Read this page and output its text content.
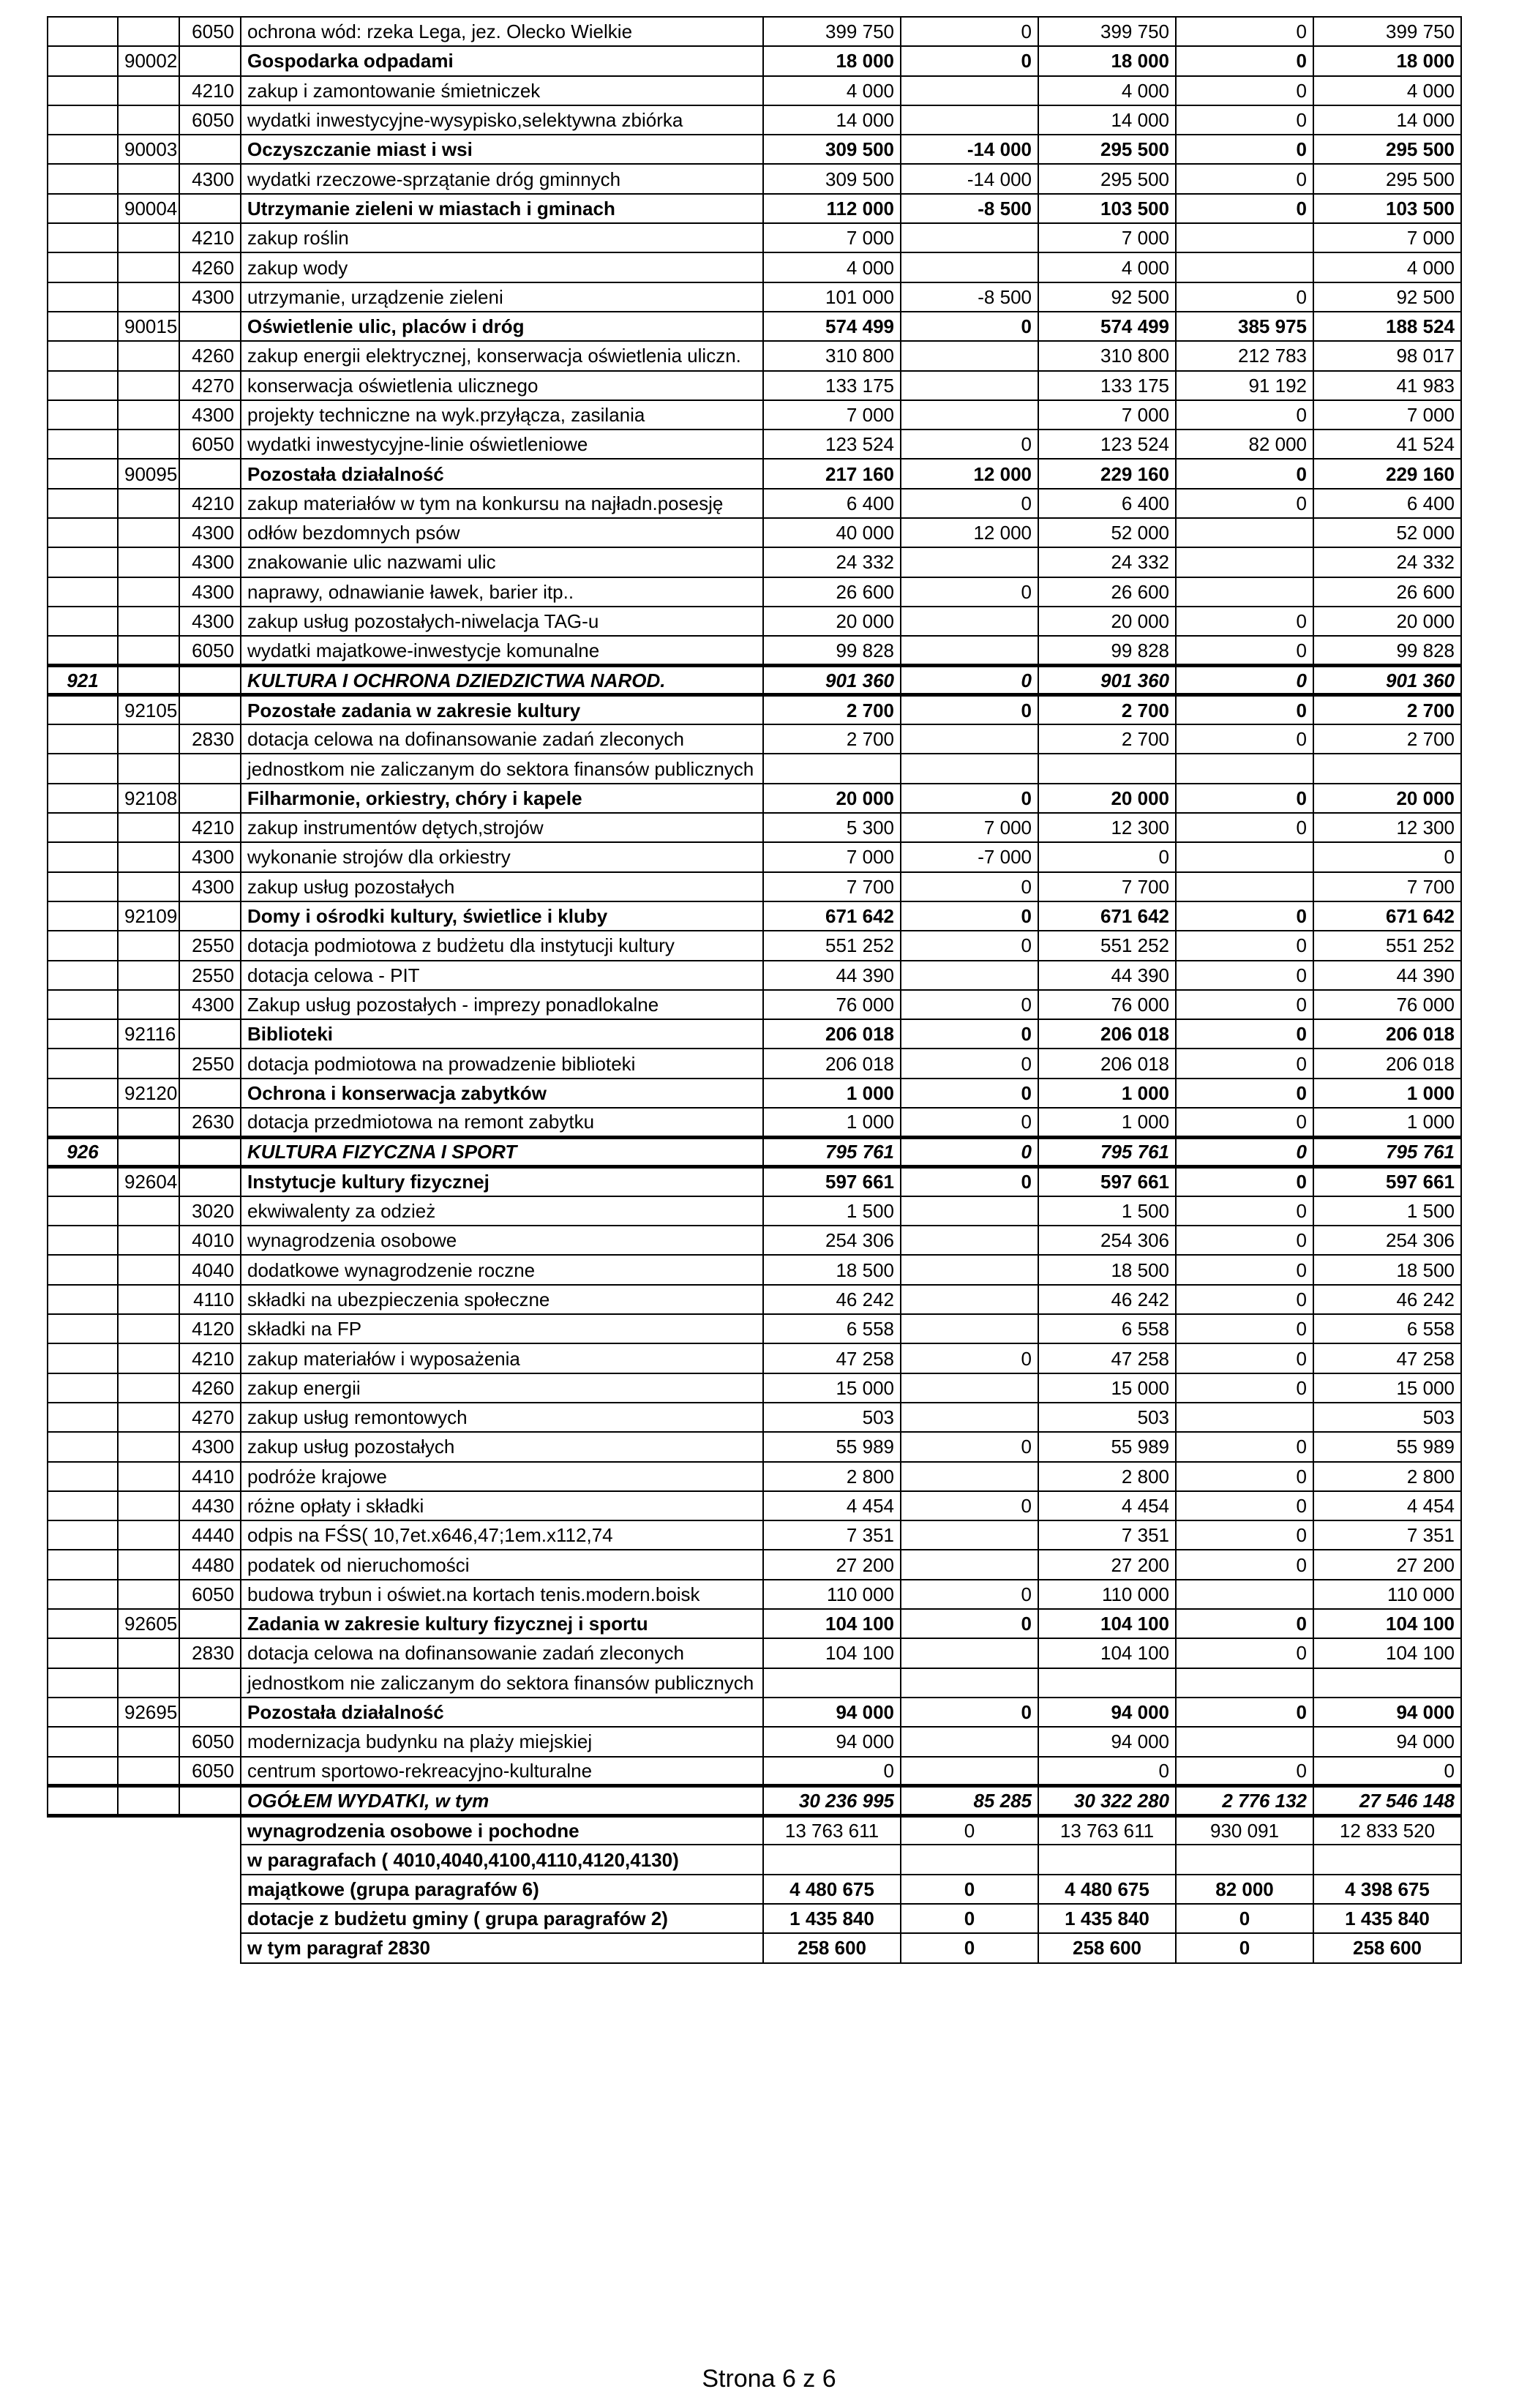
		6050	ochrona wód: rzeka Lega, jez. Olecko Wielkie	399 750	0	399 750	0	399 750
	90002		Gospodarka odpadami	18 000	0	18 000	0	18 000
		4210	zakup i zamontowanie śmietniczek	4 000		4 000	0	4 000
		6050	wydatki inwestycyjne-wysypisko,selektywna zbiórka	14 000		14 000	0	14 000
	90003		Oczyszczanie miast i wsi	309 500	-14 000	295 500	0	295 500
		4300	wydatki rzeczowe-sprzątanie dróg gminnych	309 500	-14 000	295 500	0	295 500
	90004		Utrzymanie zieleni w miastach i gminach	112 000	-8 500	103 500	0	103 500
		4210	zakup roślin	7 000		7 000		7 000
		4260	zakup wody	4 000		4 000		4 000
		4300	utrzymanie, urządzenie zieleni	101 000	-8 500	92 500	0	92 500
	90015		Oświetlenie ulic, placów i dróg	574 499	0	574 499	385 975	188 524
		4260	zakup energii elektrycznej, konserwacja oświetlenia uliczn.	310 800		310 800	212 783	98 017
		4270	konserwacja oświetlenia ulicznego	133 175		133 175	91 192	41 983
		4300	projekty techniczne na wyk.przyłącza, zasilania	7 000		7 000	0	7 000
		6050	wydatki inwestycyjne-linie oświetleniowe	123 524	0	123 524	82 000	41 524
	90095		Pozostała działalność	217 160	12 000	229 160	0	229 160
		4210	zakup materiałów w tym na konkursu na najładn.posesję	6 400	0	6 400	0	6 400
		4300	odłów bezdomnych psów	40 000	12 000	52 000		52 000
		4300	znakowanie ulic nazwami ulic	24 332		24 332		24 332
		4300	naprawy, odnawianie ławek, barier itp..	26 600	0	26 600		26 600
		4300	zakup usług pozostałych-niwelacja TAG-u	20 000		20 000	0	20 000
		6050	wydatki majatkowe-inwestycje komunalne	99 828		99 828	0	99 828
921			KULTURA I OCHRONA DZIEDZICTWA NAROD.	901 360	0	901 360	0	901 360
	92105		Pozostałe zadania w zakresie kultury	2 700	0	2 700	0	2 700
		2830	dotacja celowa na dofinansowanie zadań zleconych	2 700		2 700	0	2 700
			jednostkom nie zaliczanym do sektora finansów publicznych					
	92108		Filharmonie, orkiestry, chóry i kapele	20 000	0	20 000	0	20 000
		4210	zakup instrumentów dętych,strojów	5 300	7 000	12 300	0	12 300
		4300	wykonanie strojów dla orkiestry	7 000	-7 000	0		0
		4300	zakup usług pozostałych	7 700	0	7 700		7 700
	92109		Domy i ośrodki kultury, świetlice i kluby	671 642	0	671 642	0	671 642
		2550	dotacja podmiotowa z budżetu dla instytucji kultury	551 252	0	551 252	0	551 252
		2550	dotacja celowa - PIT	44 390		44 390	0	44 390
		4300	Zakup usług pozostałych - imprezy ponadlokalne	76 000	0	76 000	0	76 000
	92116		Biblioteki	206 018	0	206 018	0	206 018
		2550	dotacja podmiotowa na prowadzenie biblioteki	206 018	0	206 018	0	206 018
	92120		Ochrona i konserwacja zabytków	1 000	0	1 000	0	1 000
		2630	dotacja przedmiotowa na remont zabytku	1 000	0	1 000	0	1 000
926			KULTURA FIZYCZNA I SPORT	795 761	0	795 761	0	795 761
	92604		Instytucje kultury fizycznej	597 661	0	597 661	0	597 661
		3020	ekwiwalenty za odzież	1 500		1 500	0	1 500
		4010	wynagrodzenia osobowe	254 306		254 306	0	254 306
		4040	dodatkowe wynagrodzenie roczne	18 500		18 500	0	18 500
		4110	składki na ubezpieczenia społeczne	46 242		46 242	0	46 242
		4120	składki na FP	6 558		6 558	0	6 558
		4210	zakup materiałów i wyposażenia	47 258	0	47 258	0	47 258
		4260	zakup energii	15 000		15 000	0	15 000
		4270	zakup usług remontowych	503		503		503
		4300	zakup usług pozostałych	55 989	0	55 989	0	55 989
		4410	podróże krajowe	2 800		2 800	0	2 800
		4430	różne opłaty i składki	4 454	0	4 454	0	4 454
		4440	odpis na FŚS( 10,7et.x646,47;1em.x112,74	7 351		7 351	0	7 351
		4480	podatek od nieruchomości	27 200		27 200	0	27 200
		6050	budowa trybun i oświet.na kortach tenis.modern.boisk	110 000	0	110 000		110 000
	92605		Zadania w zakresie kultury fizycznej i sportu	104 100	0	104 100	0	104 100
		2830	dotacja celowa na dofinansowanie zadań zleconych	104 100		104 100	0	104 100
			jednostkom nie zaliczanym do sektora finansów publicznych					
	92695		Pozostała działalność	94 000	0	94 000	0	94 000
		6050	modernizacja budynku na plaży miejskiej	94 000		94 000		94 000
		6050	centrum sportowo-rekreacyjno-kulturalne	0		0	0	0
			OGÓŁEM WYDATKI, w tym	30 236 995	85 285	30 322 280	2 776 132	27 546 148
			wynagrodzenia osobowe i pochodne	13 763 611	0	13 763 611	930 091	12 833 520
			w paragrafach ( 4010,4040,4100,4110,4120,4130)					
			majątkowe (grupa paragrafów 6)	4 480 675	0	4 480 675	82 000	4 398 675
			dotacje z budżetu gminy ( grupa paragrafów 2)	1 435 840	0	1 435 840	0	1 435 840
			w tym paragraf 2830	258 600	0	258 600	0	258 600
Strona 6 z 6
